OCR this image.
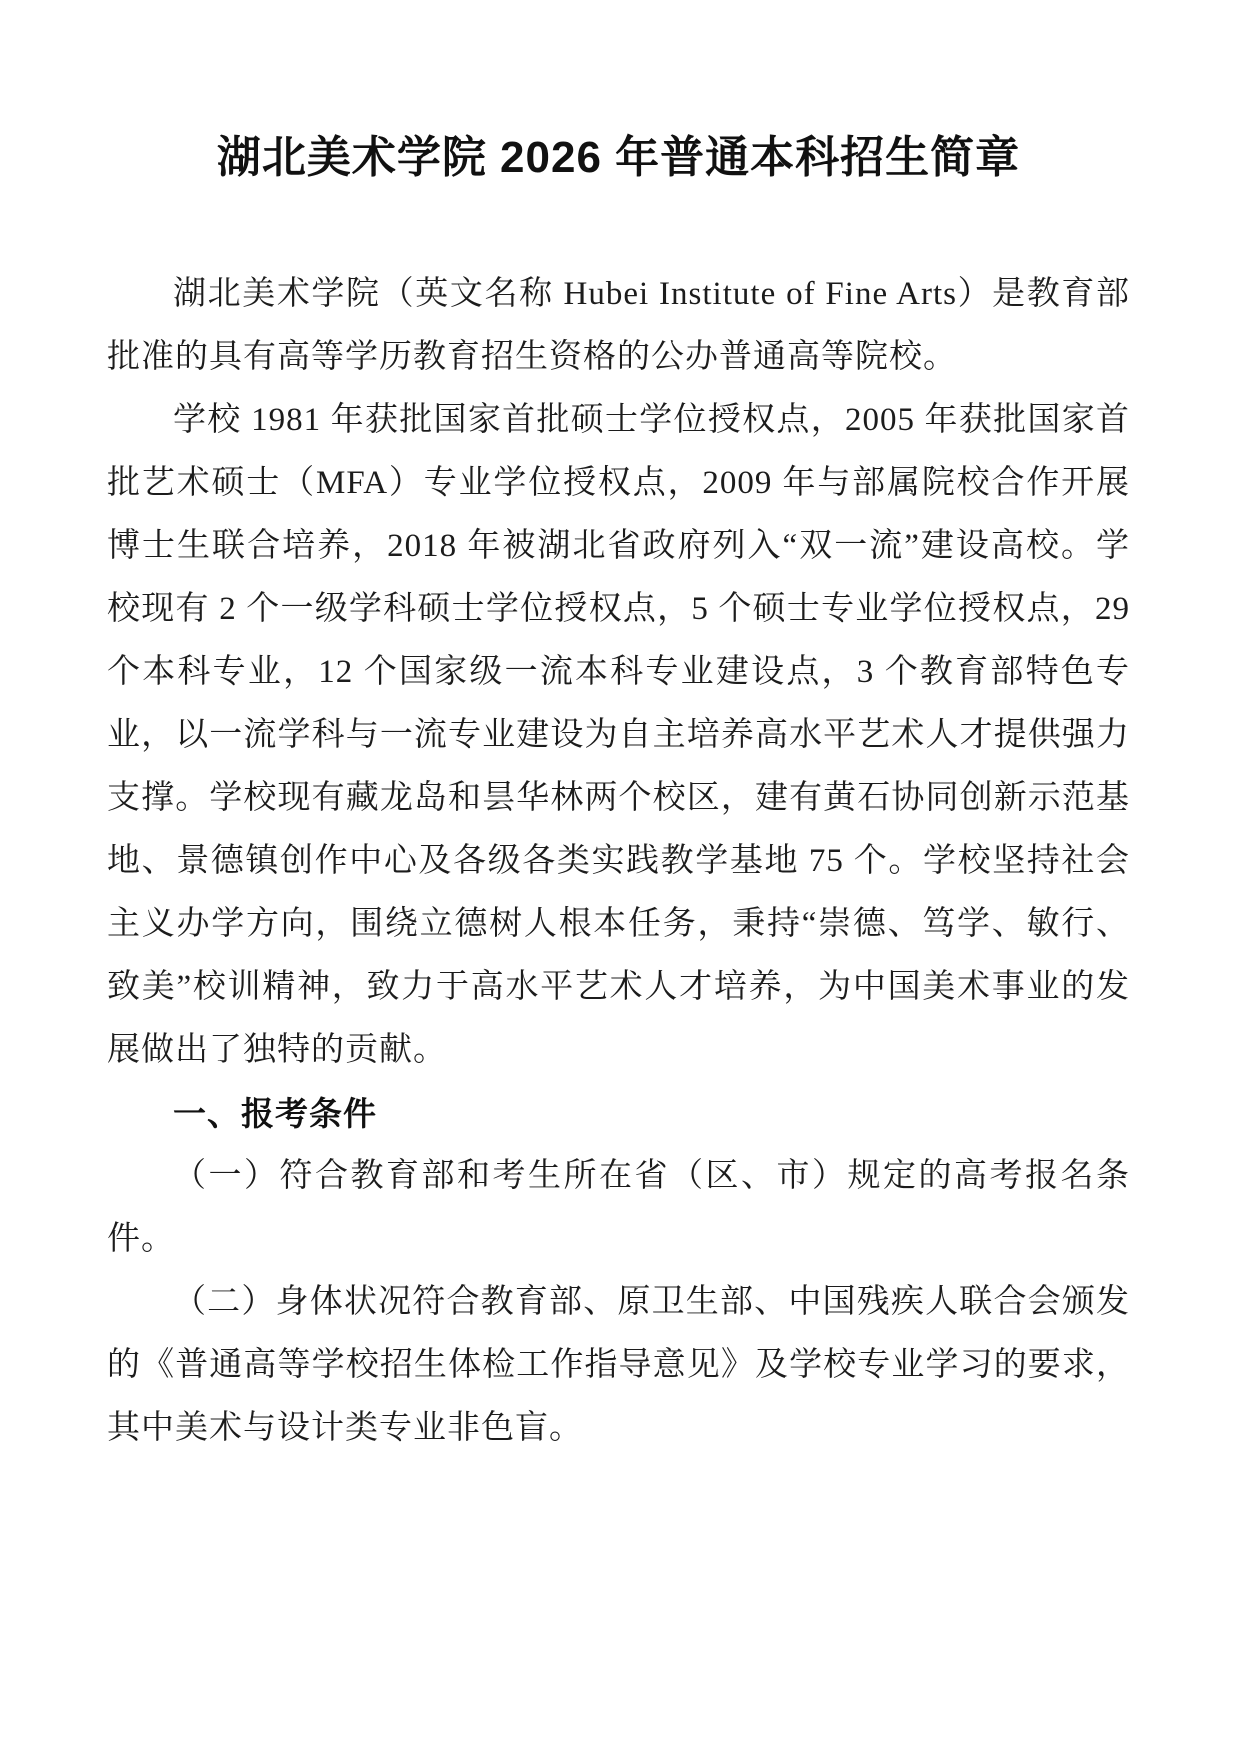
湖北美术学院 2026 年普通本科招生简章

湖北美术学院（英文名称 Hubei Institute of Fine Arts）是教育部批准的具有高等学历教育招生资格的公办普通高等院校。

学校 1981 年获批国家首批硕士学位授权点，2005 年获批国家首批艺术硕士（MFA）专业学位授权点，2009 年与部属院校合作开展博士生联合培养，2018 年被湖北省政府列入“双一流”建设高校。学校现有 2 个一级学科硕士学位授权点，5 个硕士专业学位授权点，29 个本科专业，12 个国家级一流本科专业建设点，3 个教育部特色专业，以一流学科与一流专业建设为自主培养高水平艺术人才提供强力支撑。学校现有藏龙岛和昙华林两个校区，建有黄石协同创新示范基地、景德镇创作中心及各级各类实践教学基地 75 个。学校坚持社会主义办学方向，围绕立德树人根本任务，秉持“崇德、笃学、敏行、致美”校训精神，致力于高水平艺术人才培养，为中国美术事业的发展做出了独特的贡献。

一、报考条件

（一）符合教育部和考生所在省（区、市）规定的高考报名条件。

（二）身体状况符合教育部、原卫生部、中国残疾人联合会颁发的《普通高等学校招生体检工作指导意见》及学校专业学习的要求，其中美术与设计类专业非色盲。
